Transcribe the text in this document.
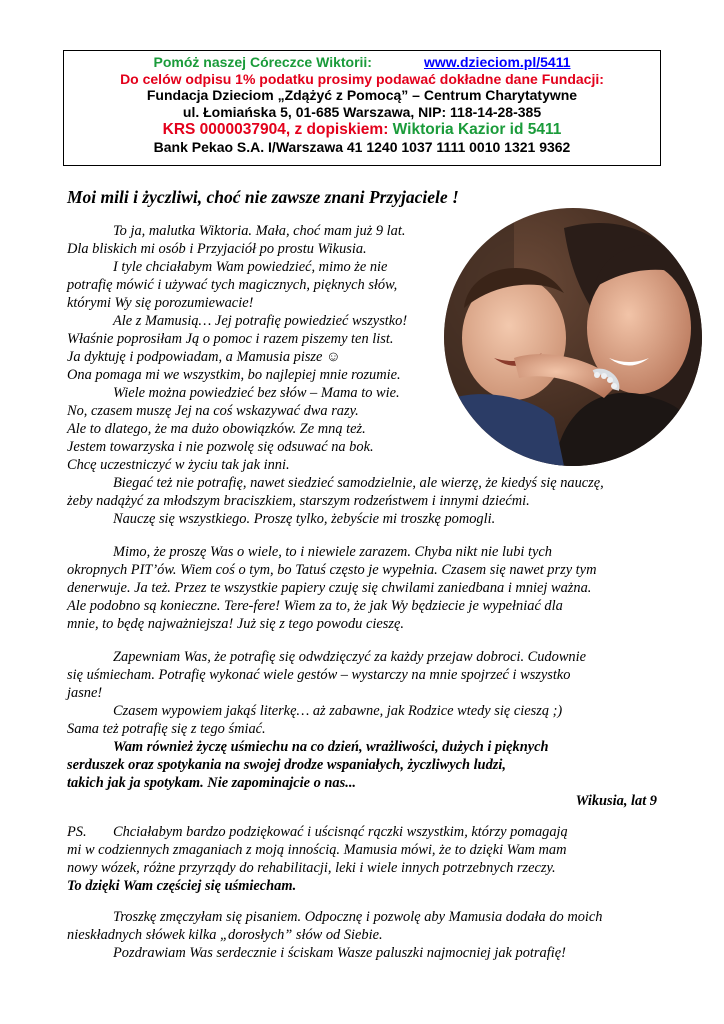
Pomóż naszej Córeczce Wiktorii:	www.dzieciom.pl/5411
Do celów odpisu 1% podatku prosimy podawać dokładne dane Fundacji:
Fundacja Dzieciom „Zdążyć z Pomocą” – Centrum Charytatywne
ul. Łomiańska 5, 01-685 Warszawa, NIP: 118-14-28-385
KRS 0000037904, z dopiskiem: Wiktoria Kazior id 5411
Bank Pekao S.A. I/Warszawa 41 1240 1037 1111 0010 1321 9362
Moi mili i życzliwi, choć nie zawsze znani Przyjaciele !

To ja, malutka Wiktoria. Mała, choć mam już 9 lat.

Dla bliskich mi osób i Przyjaciół po prostu Wikusia.

I tyle chciałabym Wam powiedzieć, mimo że nie

potrafię mówić i używać tych magicznych, pięknych słów,

którymi Wy się porozumiewacie!

Ale z Mamusią… Jej potrafię powiedzieć wszystko!

Właśnie poprosiłam Ją o pomoc i razem piszemy ten list.

Ja dyktuję i podpowiadam, a Mamusia pisze ☺

Ona pomaga mi we wszystkim, bo najlepiej mnie rozumie.

Wiele można powiedzieć bez słów – Mama to wie.

No, czasem muszę Jej na coś wskazywać dwa razy.

Ale to dlatego, że ma dużo obowiązków. Ze mną też.

Jestem towarzyska i nie pozwolę się odsuwać na bok.

Chcę uczestniczyć w życiu tak jak inni.

Biegać też nie potrafię, nawet siedzieć samodzielnie, ale wierzę, że kiedyś się nauczę,

żeby nadążyć za młodszym braciszkiem, starszym rodzeństwem i innymi dziećmi.

Nauczę się wszystkiego. Proszę tylko, żebyście mi troszkę pomogli.

Mimo, że proszę Was o wiele, to i niewiele zarazem. Chyba nikt nie lubi tych

okropnych PIT’ów. Wiem coś o tym, bo Tatuś często je wypełnia. Czasem się nawet przy tym

denerwuje. Ja też. Przez te wszystkie papiery czuję się chwilami zaniedbana i mniej ważna.

Ale podobno są konieczne. Tere-fere! Wiem za to, że jak Wy będziecie je wypełniać dla

mnie, to będę najważniejsza! Już się z tego powodu cieszę.

Zapewniam Was, że potrafię się odwdzięczyć za każdy przejaw dobroci. Cudownie

się uśmiecham. Potrafię wykonać wiele gestów – wystarczy na mnie spojrzeć i wszystko

jasne!

Czasem wypowiem jakąś literkę… aż zabawne, jak Rodzice wtedy się cieszą ;)

Sama też potrafię się z tego śmiać.

Wam również życzę uśmiechu na co dzień, wrażliwości, dużych i pięknych

serduszek oraz spotykania na swojej drodze wspaniałych, życzliwych ludzi,

takich jak ja spotykam. Nie zapominajcie o nas...

Wikusia, lat 9

PS. Chciałabym bardzo podziękować i uścisnąć rączki wszystkim, którzy pomagają

mi w codziennych zmaganiach z moją innością. Mamusia mówi, że to dzięki Wam mam

nowy wózek, różne przyrządy do rehabilitacji, leki i wiele innych potrzebnych rzeczy.

To dzięki Wam częściej się uśmiecham.

Troszkę zmęczyłam się pisaniem. Odpocznę i pozwolę aby Mamusia dodała do moich

nieskładnych słówek kilka „dorosłych” słów od Siebie.

Pozdrawiam Was serdecznie i ściskam Wasze paluszki najmocniej jak potrafię!
